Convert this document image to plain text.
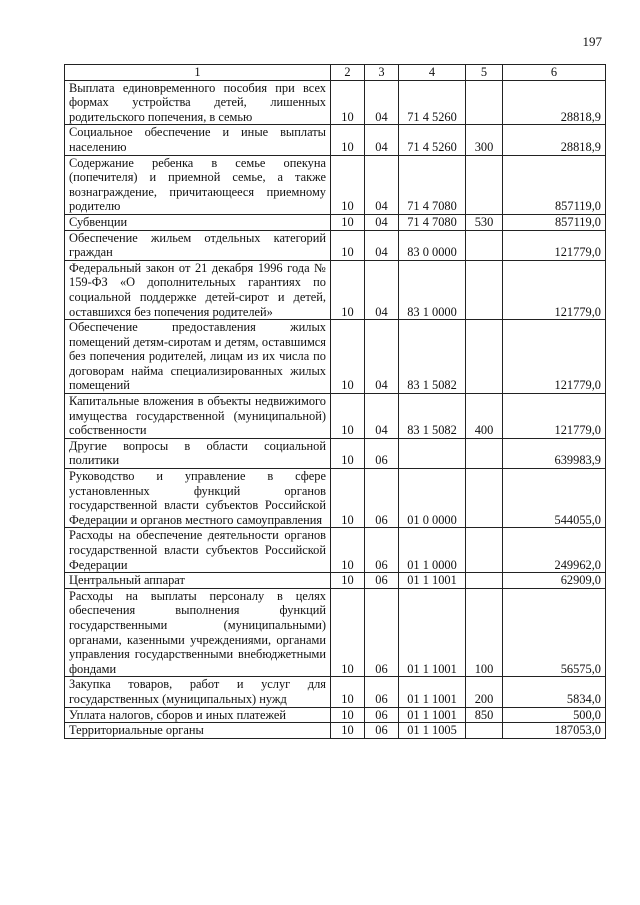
197
1	2	3	4	5	6
Выплата единовременного пособия при всех формах устройства детей, лишенных родительского попечения, в семью	10	04	71 4 5260		28818,9
Социальное обеспечение и иные выплаты населению	10	04	71 4 5260	300	28818,9
Содержание ребенка в семье опекуна (попечителя) и приемной семье, а также вознаграждение, причитающееся приемному родителю	10	04	71 4 7080		857119,0
Субвенции	10	04	71 4 7080	530	857119,0
Обеспечение жильем отдельных категорий граждан	10	04	83 0 0000		121779,0
Федеральный закон от 21 декабря 1996 года № 159-ФЗ «О дополнительных гарантиях по социальной поддержке детей-сирот и детей, оставшихся без попечения родителей»	10	04	83 1 0000		121779,0
Обеспечение предоставления жилых помещений детям-сиротам и детям, оставшимся без попечения родителей, лицам из их числа по договорам найма специализированных жилых помещений	10	04	83 1 5082		121779,0
Капитальные вложения в объекты недвижимого имущества государственной (муниципальной) собственности	10	04	83 1 5082	400	121779,0
Другие вопросы в области социальной политики	10	06			639983,9
Руководство и управление в сфере установленных функций органов государственной власти субъектов Российской Федерации и органов местного самоуправления	10	06	01 0 0000		544055,0
Расходы на обеспечение деятельности органов государственной власти субъектов Российской Федерации	10	06	01 1 0000		249962,0
Центральный аппарат	10	06	01 1 1001		62909,0
Расходы на выплаты персоналу в целях обеспечения выполнения функций государственными (муниципальными) органами, казенными учреждениями, органами управления государственными внебюджетными фондами	10	06	01 1 1001	100	56575,0
Закупка товаров, работ и услуг для государственных (муниципальных) нужд	10	06	01 1 1001	200	5834,0
Уплата налогов, сборов и иных платежей	10	06	01 1 1001	850	500,0
Территориальные органы	10	06	01 1 1005		187053,0
